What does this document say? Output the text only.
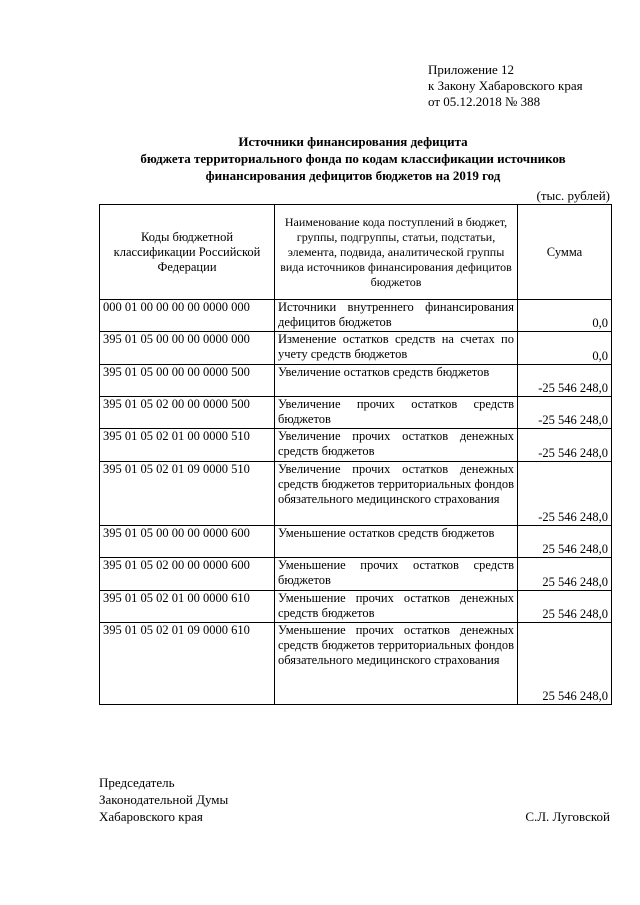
Приложение 12
к Закону Хабаровского края
от 05.12.2018 № 388
Источники финансирования дефицита
бюджета территориального фонда по кодам классификации источников
финансирования дефицитов бюджетов на 2019 год
(тыс. рублей)
Коды бюджетной классификации Российской Федерации	Наименование кода поступлений в бюджет, группы, подгруппы, статьи, подстатьи, элемента, подвида, аналитической группы вида источников финансирования дефицитов бюджетов	Сумма
000 01 00 00 00 00 0000 000	Источники внутреннего финансирования дефицитов бюджетов	0,0
395 01 05 00 00 00 0000 000	Изменение остатков средств на счетах по учету средств бюджетов	0,0
395 01 05 00 00 00 0000 500	Увеличение остатков средств бюджетов	-25 546 248,0
395 01 05 02 00 00 0000 500	Увеличение прочих остатков средств бюджетов	-25 546 248,0
395 01 05 02 01 00 0000 510	Увеличение прочих остатков денежных средств бюджетов	-25 546 248,0
395 01 05 02 01 09 0000 510	Увеличение прочих остатков денежных средств бюджетов территориальных фондов обязательного медицинского страхования	-25 546 248,0
395 01 05 00 00 00 0000 600	Уменьшение остатков средств бюджетов	25 546 248,0
395 01 05 02 00 00 0000 600	Уменьшение прочих остатков средств бюджетов	25 546 248,0
395 01 05 02 01 00 0000 610	Уменьшение прочих остатков денежных средств бюджетов	25 546 248,0
395 01 05 02 01 09 0000 610	Уменьшение прочих остатков денежных средств бюджетов территориальных фондов обязательного медицинского страхования	25 546 248,0
Председатель
Законодательной Думы
Хабаровского края	С.Л. Луговской
